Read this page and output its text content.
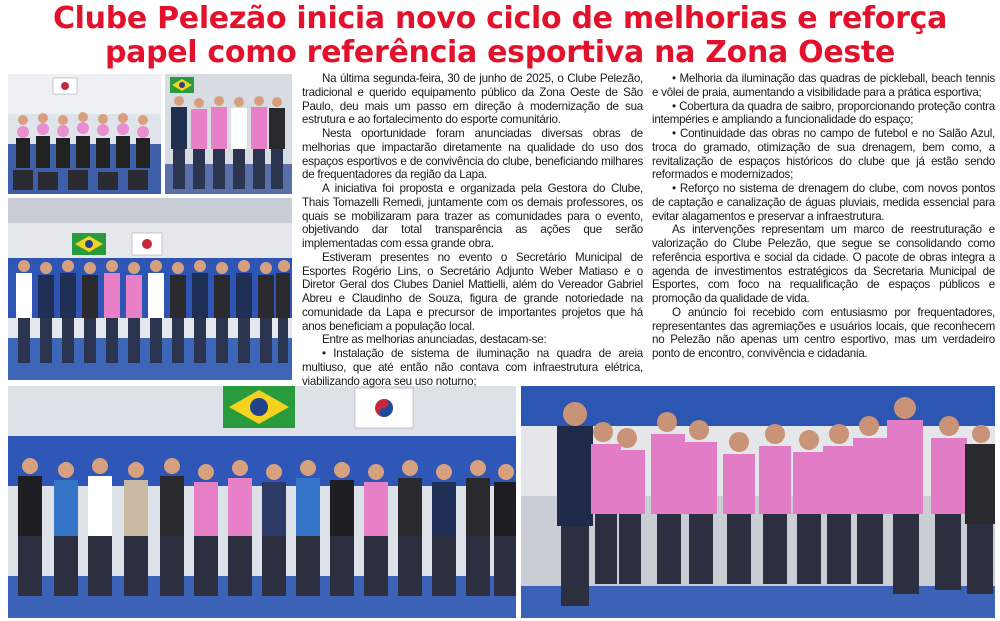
Clube Pelezão inicia novo ciclo de melhorias e reforça
papel como referência esportiva na Zona Oeste

Na última segunda-feira, 30 de junho de 2025, o Clube Pelezão, tradicional e querido equipamento público da Zona Oeste de São Paulo, deu mais um passo em direção à modernização de sua estrutura e ao fortalecimento do esporte comunitário.

Nesta oportunidade foram anunciadas diversas obras de melhorias que impactarão diretamente na qualidade do uso dos espaços esportivos e de convivência do clube, beneficiando milhares de frequentadores da região da Lapa.

A iniciativa foi proposta e organizada pela Gestora do Clube, Thais Tomazelli Remedi, juntamente com os demais professores, os quais se mobilizaram para trazer as comunidades para o evento, objetivando dar total transparência as ações que serão implementadas com essa grande obra.

Estiveram presentes no evento o Secretário Municipal de Esportes Rogério Lins, o Secretário Adjunto Weber Matiaso e o Diretor Geral dos Clubes Daniel Mattielli, além do Vereador Gabriel Abreu e Claudinho de Souza, figura de grande notoriedade na comunidade da Lapa e precursor de importantes projetos que há anos beneficiam a população local.

Entre as melhorias anunciadas, destacam-se:

• Instalação de sistema de iluminação na quadra de areia multiuso, que até então não contava com infraestrutura elétrica, viabilizando agora seu uso noturno;

• Melhoria da iluminação das quadras de pickleball, beach tennis e vôlei de praia, aumentando a visibilidade para a prática esportiva;

• Cobertura da quadra de saibro, proporcionando proteção contra intempéries e ampliando a funcionalidade do espaço;

• Continuidade das obras no campo de futebol e no Salão Azul, troca do gramado, otimização de sua drenagem, bem como, a revitalização de espaços históricos do clube que já estão sendo reformados e modernizados;

• Reforço no sistema de drenagem do clube, com novos pontos de captação e canalização de águas pluviais, medida essencial para evitar alagamentos e preservar a infraestrutura.

As intervenções representam um marco de reestruturação e valorização do Clube Pelezão, que segue se consolidando como referência esportiva e social da cidade. O pacote de obras integra a agenda de investimentos estratégicos da Secretaria Municipal de Esportes, com foco na requalificação de espaços públicos e promoção da qualidade de vida.

O anúncio foi recebido com entusiasmo por frequentadores, representantes das agremiações e usuários locais, que reconhecem no Pelezão não apenas um centro esportivo, mas um verdadeiro ponto de encontro, convivência e cidadania.
